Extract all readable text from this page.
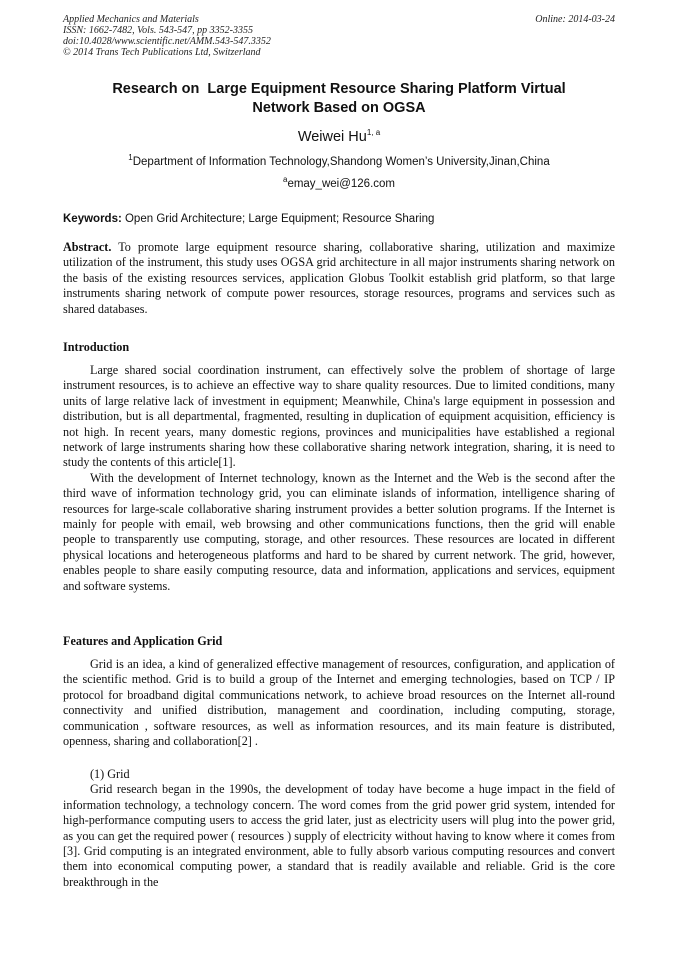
Applied Mechanics and Materials
ISSN: 1662-7482, Vols. 543-547, pp 3352-3355
doi:10.4028/www.scientific.net/AMM.543-547.3352
© 2014 Trans Tech Publications Ltd, Switzerland
Online: 2014-03-24
Research on  Large Equipment Resource Sharing Platform Virtual
Network Based on OGSA
Weiwei Hu$^{1, a}$
$^1$Department of Information Technology,Shandong Women’s University,Jinan,China
$^a$emay_wei@126.com
Keywords: Open Grid Architecture; Large Equipment; Resource Sharing
Abstract. To promote large equipment resource sharing, collaborative sharing, utilization and maximize utilization of the instrument, this study uses OGSA grid architecture in all major instruments sharing network on the basis of the existing resources services, application Globus Toolkit establish grid platform, so that large instruments sharing network of compute power resources, storage resources, programs and services such as shared databases.
Introduction

Large shared social coordination instrument, can effectively solve the problem of shortage of large instrument resources, is to achieve an effective way to share quality resources. Due to limited conditions, many units of large relative lack of investment in equipment; Meanwhile, China's large equipment in possession and distribution, but is all departmental, fragmented, resulting in duplication of equipment acquisition, efficiency is not high. In recent years, many domestic regions, provinces and municipalities have established a regional network of large instruments sharing how these collaborative sharing network integration, sharing, it is need to study the contents of this article[1].

With the development of Internet technology, known as the Internet and the Web is the second after the third wave of information technology grid, you can eliminate islands of information, intelligence sharing of resources for large-scale collaborative sharing instrument provides a better solution programs. If the Internet is mainly for people with email, web browsing and other communications functions, then the grid will enable people to transparently use computing, storage, and other resources. These resources are located in different physical locations and heterogeneous platforms and hard to be shared by current network. The grid, however, enables people to share easily computing resource, data and information, applications and services, equipment and software systems.

Features and Application Grid

Grid is an idea, a kind of generalized effective management of resources, configuration, and application of the scientific method. Grid is to build a group of the Internet and emerging technologies, based on TCP / IP protocol for broadband digital communications network, to achieve broad resources on the Internet all-round connectivity and unified distribution, management and coordination, including computing, storage, communication , software resources, as well as information resources, and its main feature is distributed, openness, sharing and collaboration[2] .

(1) Grid

Grid research began in the 1990s, the development of today have become a huge impact in the field of information technology, a technology concern. The word comes from the grid power grid system, intended for high-performance computing users to access the grid later, just as electricity users will plug into the power grid, as you can get the required power ( resources ) supply of electricity without having to know where it comes from [3]. Grid computing is an integrated environment, able to fully absorb various computing resources and convert them into economical computing power, a standard that is readily available and reliable. Grid is the core breakthrough in the
